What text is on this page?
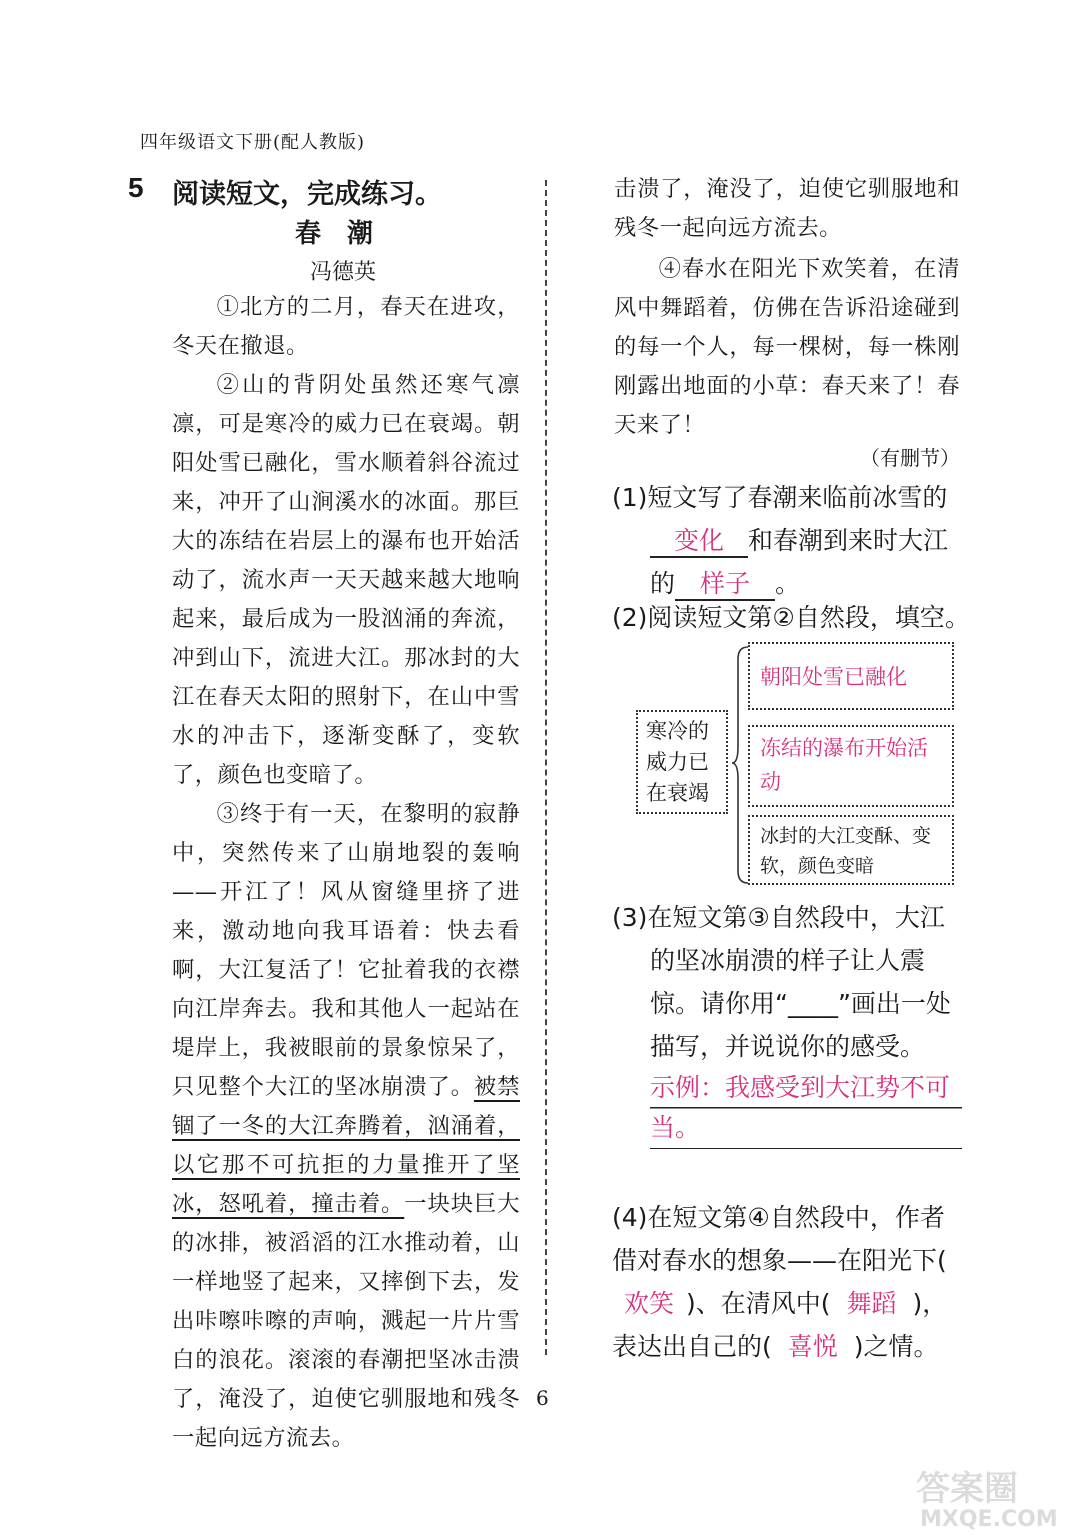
四年级语文下册(配人教版)
5 阅读短文，完成练习。
春潮
冯德英
①北方的二月，春天在进攻，冬天在撤退。
②山的背阴处虽然还寒气凛凛，可是寒冷的威力已在衰竭。朝阳处雪已融化，雪水顺着斜谷流过来，冲开了山涧溪水的冰面。那巨大的冻结在岩层上的瀑布也开始活动了，流水声一天天越来越大地响起来，最后成为一股汹涌的奔流，冲到山下，流进大江。那冰封的大江在春天太阳的照射下，在山中雪水的冲击下，逐渐变酥了，变软了，颜色也变暗了。
③终于有一天，在黎明的寂静中，突然传来了山崩地裂的轰响——开江了！风从窗缝里挤了进来，激动地向我耳语着：快去看啊，大江复活了！它扯着我的衣襟向江岸奔去。我和其他人一起站在堤岸上，我被眼前的景象惊呆了，只见整个大江的坚冰崩溃了。被禁锢了一冬的大江奔腾着，汹涌着，以它那不可抗拒的力量推开了坚冰，怒吼着，撞击着。一块块巨大的冰排，被滔滔的江水推动着，山一样地竖了起来，又摔倒下去，发出咔嚓咔嚓的声响，溅起一片片雪白的浪花。滚滚的春潮把坚冰击溃了，淹没了，迫使它驯服地和残冬一起向远方流去。
击溃了，淹没了，迫使它驯服地和残冬一起向远方流去。
④春水在阳光下欢笑着，在清风中舞蹈着，仿佛在告诉沿途碰到的每一个人，每一棵树，每一株刚刚露出地面的小草：春天来了！春天来了！
（有删节）
(1)短文写了春潮来临前冰雪的
变化 和春潮到来时大江
的 样子 。
(2)阅读短文第②自然段，填空。
寒冷的威力已在衰竭
朝阳处雪已融化
冻结的瀑布开始活动
冰封的大江变酥、变软，颜色变暗
(3)在短文第③自然段中，大江的坚冰崩溃的样子让人震惊。请你用“____”画出一处描写，并说说你的感受。
示例：我感受到大江势不可当。
(4)在短文第④自然段中，作者借对春水的想象——在阳光下(欢笑 )、在清风中( 舞蹈 )，表达出自己的( 喜悦 )之情。
6
答案圈
MXQE.COM
